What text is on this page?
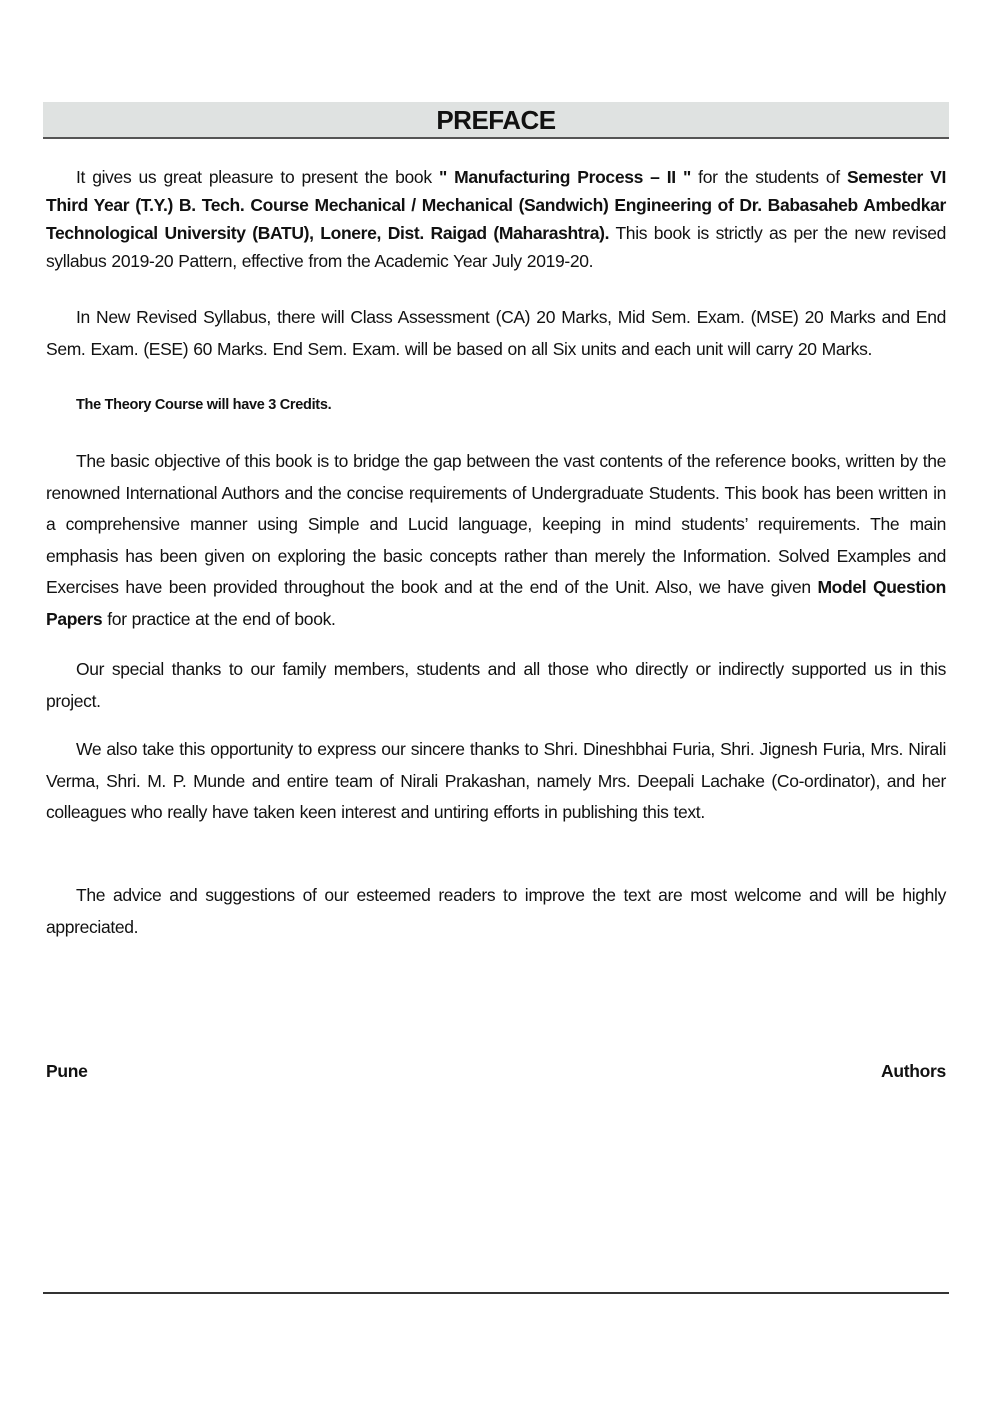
PREFACE
It gives us great pleasure to present the book " Manufacturing Process – II " for the students of Semester VI Third Year (T.Y.) B. Tech. Course Mechanical / Mechanical (Sandwich) Engineering of Dr. Babasaheb Ambedkar Technological University (BATU), Lonere, Dist. Raigad (Maharashtra). This book is strictly as per the new revised syllabus 2019-20 Pattern, effective from the Academic Year July 2019-20.
In New Revised Syllabus, there will Class Assessment (CA) 20 Marks, Mid Sem. Exam. (MSE) 20 Marks and End Sem. Exam. (ESE) 60 Marks. End Sem. Exam. will be based on all Six units and each unit will carry 20 Marks.
The Theory Course will have 3 Credits.
The basic objective of this book is to bridge the gap between the vast contents of the reference books, written by the renowned International Authors and the concise requirements of Undergraduate Students. This book has been written in a comprehensive manner using Simple and Lucid language, keeping in mind students’ requirements. The main emphasis has been given on exploring the basic concepts rather than merely the Information. Solved Examples and Exercises have been provided throughout the book and at the end of the Unit. Also, we have given Model Question Papers for practice at the end of book.
Our special thanks to our family members, students and all those who directly or indirectly supported us in this project.
We also take this opportunity to express our sincere thanks to Shri. Dineshbhai Furia, Shri. Jignesh Furia, Mrs. Nirali Verma, Shri. M. P. Munde and entire team of Nirali Prakashan, namely Mrs. Deepali Lachake (Co-ordinator), and her colleagues who really have taken keen interest and untiring efforts in publishing this text.
The advice and suggestions of our esteemed readers to improve the text are most welcome and will be highly appreciated.
Pune	Authors
